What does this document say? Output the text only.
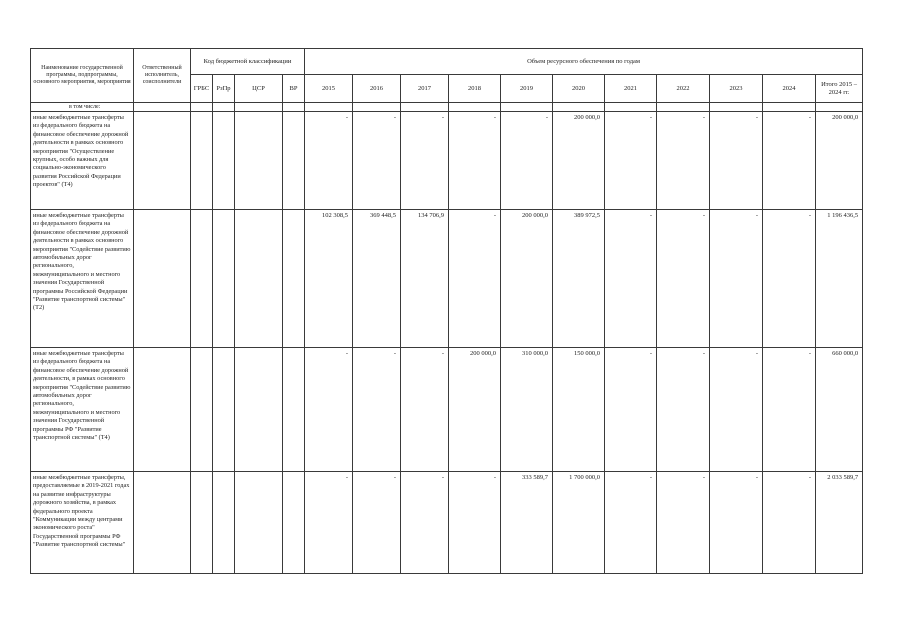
Наименование государственной программы, подпрограммы, основного мероприятия, мероприятия	Ответственный исполнитель, соисполнители	Код бюджетной классификации				Объем ресурсного обеспечения по годам										
		ГРБС	РзПр	ЦСР	ВР	2015	2016	2017	2018	2019	2020	2021	2022	2023	2024	Итого 2015 – 2024 гг.
в том числе:																
иные межбюджетные трансферты из федерального бюджета на финансовое обеспечение дорожной деятельности в рамках основного мероприятия "Осуществление крупных, особо важных для социально-экономического развития Российской Федерации проектов" (Т4)						-	-	-	-	-	200 000,0	-	-	-	-	200 000,0
иные межбюджетные трансферты из федерального бюджета на финансовое обеспечение дорожной деятельности в рамках основного мероприятия "Содействие развитию автомобильных дорог регионального, межмуниципального и местного значения Государственной программы Российской Федерации "Развитие транспортной системы" (Т2)						102 308,5	369 448,5	134 706,9	-	200 000,0	389 972,5	-	-	-	-	1 196 436,5
иные межбюджетные трансферты из федерального бюджета на финансовое обеспечение дорожной деятельности, в рамках основного мероприятия "Содействие развитию автомобильных дорог регионального, межмуниципального и местного значения Государственной программы РФ "Развитие транспортной системы" (Т4)						-	-	-	200 000,0	310 000,0	150 000,0	-	-	-	-	660 000,0
иные межбюджетные трансферты, предоставляемые в 2019-2021 годах на развитие инфраструктуры дорожного хозяйства, в рамках федерального проекта "Коммуникации между центрами экономического роста" Государственной программы РФ "Развитие транспортной системы"						-	-	-	-	333 589,7	1 700 000,0	-	-	-	-	2 033 589,7
